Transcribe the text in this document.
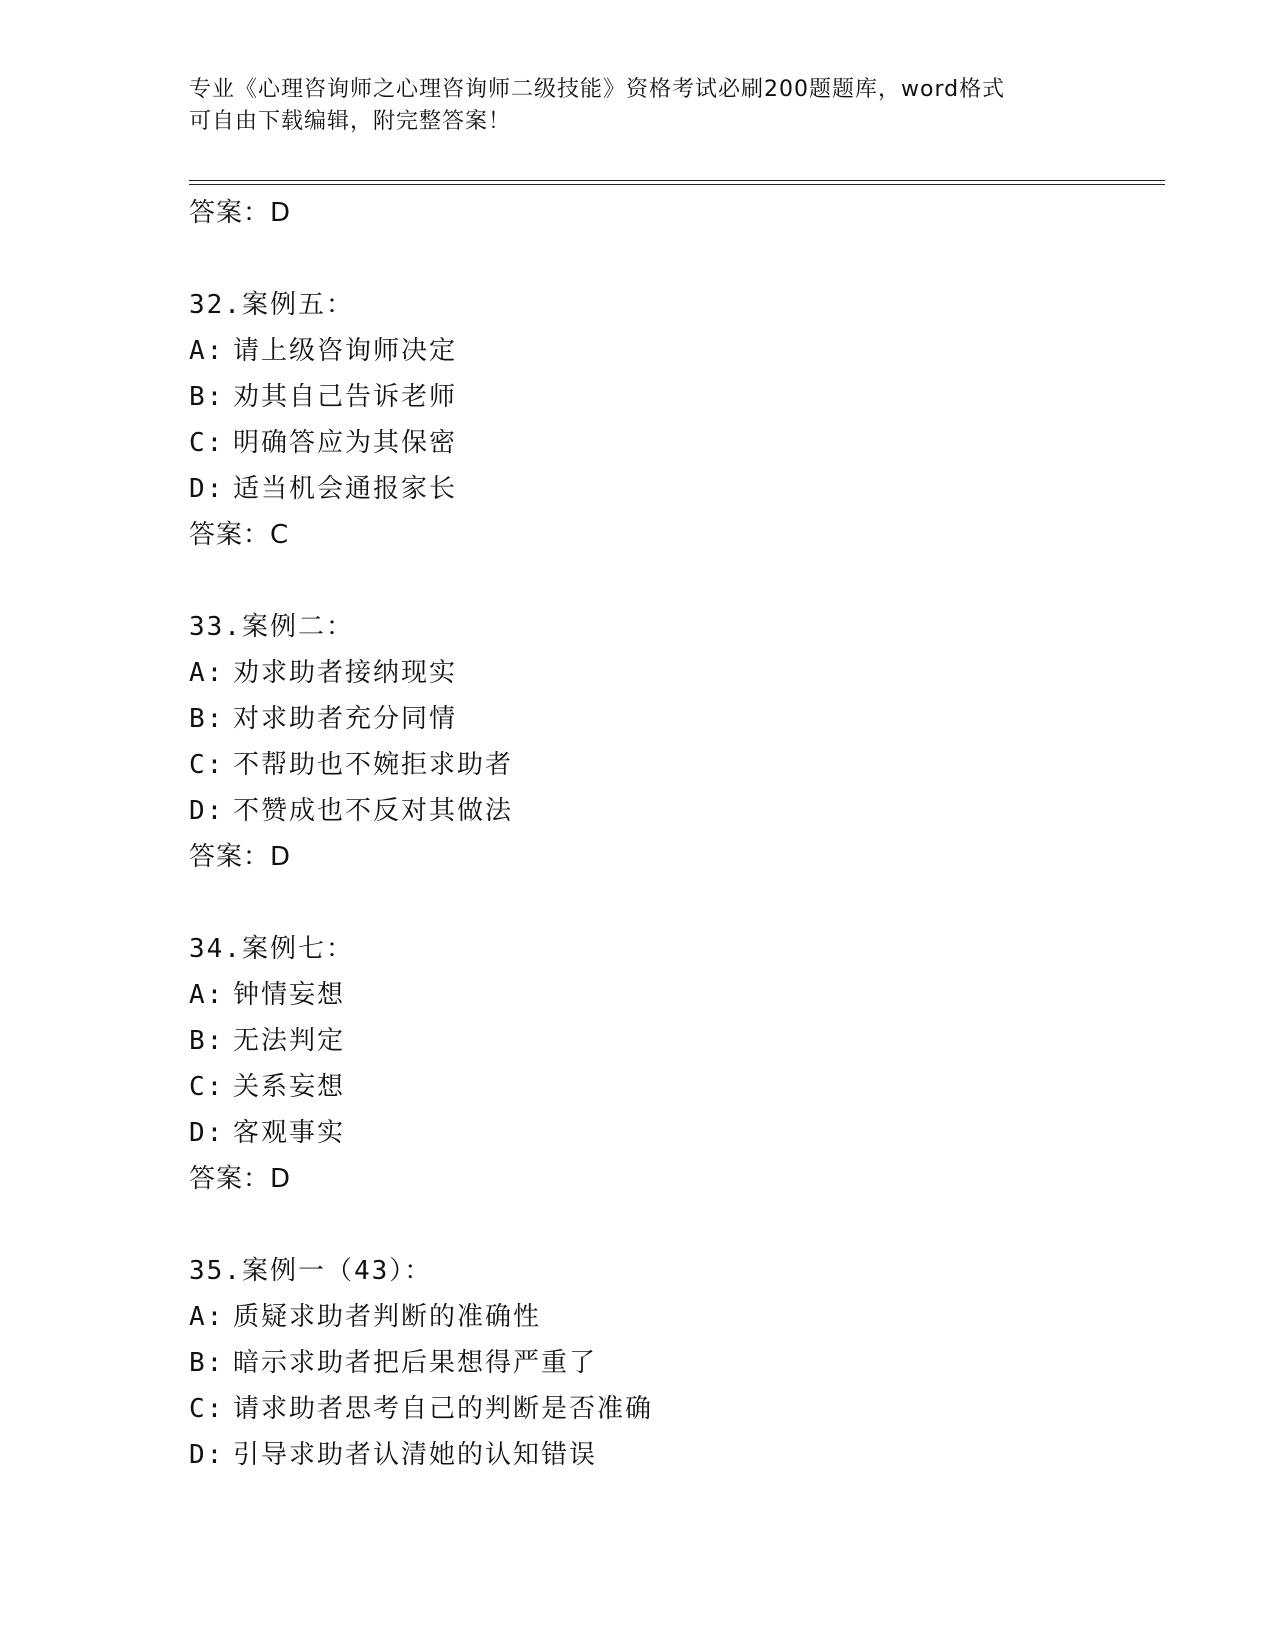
专业《心理咨询师之心理咨询师二级技能》资格考试必刷200题题库，word格式
可自由下载编辑，附完整答案！
答案：D
32.案例五：
A: 请上级咨询师决定
B: 劝其自己告诉老师
C: 明确答应为其保密
D: 适当机会通报家长
答案：C
33.案例二：
A: 劝求助者接纳现实
B: 对求助者充分同情
C: 不帮助也不婉拒求助者
D: 不赞成也不反对其做法
答案：D
34.案例七：
A: 钟情妄想
B: 无法判定
C: 关系妄想
D: 客观事实
答案：D
35.案例一（43）：
A: 质疑求助者判断的准确性
B: 暗示求助者把后果想得严重了
C: 请求助者思考自己的判断是否准确
D: 引导求助者认清她的认知错误
